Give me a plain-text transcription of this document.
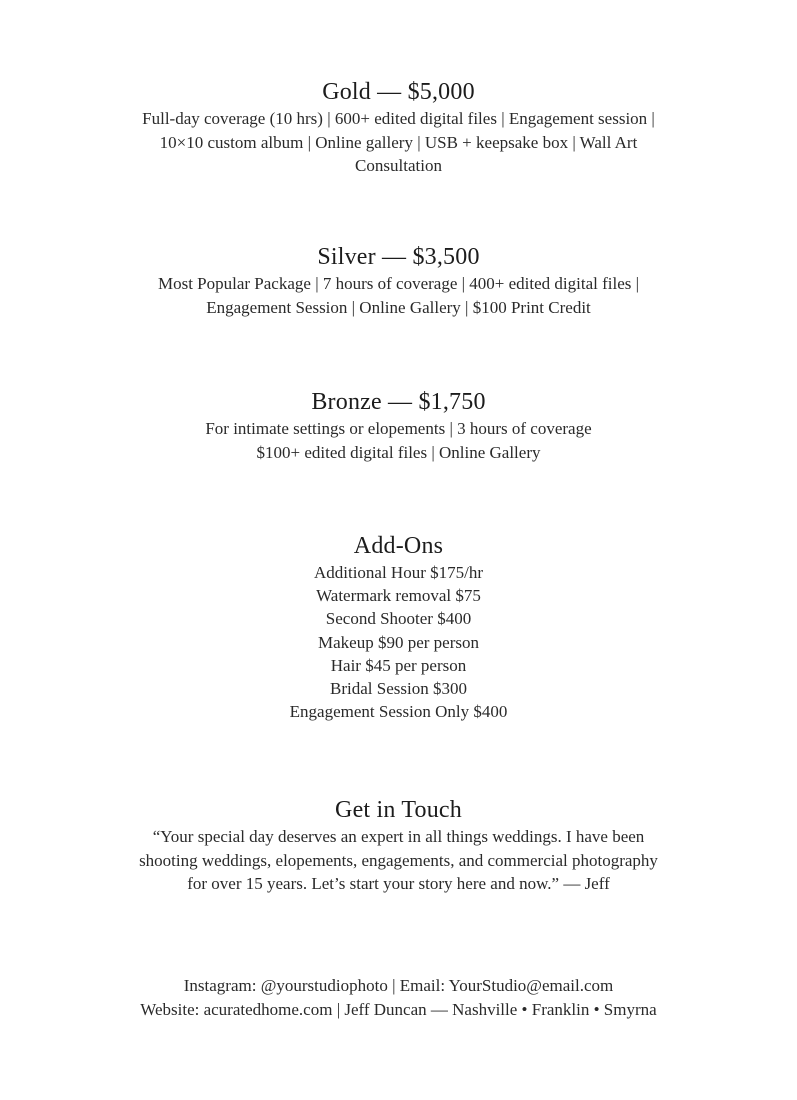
Gold — $5,000

Full-day coverage (10 hrs) | 600+ edited digital files | Engagement session |
10×10 custom album | Online gallery | USB + keepsake box | Wall Art
Consultation

Silver — $3,500

Most Popular Package | 7 hours of coverage | 400+ edited digital files |
Engagement Session | Online Gallery | $100 Print Credit

Bronze — $1,750

For intimate settings or elopements | 3 hours of coverage
$100+ edited digital files | Online Gallery

Add-Ons
Additional Hour $175/hr
Watermark removal $75
Second Shooter $400
Makeup $90 per person
Hair $45 per person
Bridal Session $300
Engagement Session Only $400
Get in Touch

“Your special day deserves an expert in all things weddings. I have been
shooting weddings, elopements, engagements, and commercial photography
for over 15 years. Let’s start your story here and now.” — Jeff

Instagram: @yourstudiophoto | Email: YourStudio@email.com
Website: acuratedhome.com | Jeff Duncan — Nashville • Franklin • Smyrna
